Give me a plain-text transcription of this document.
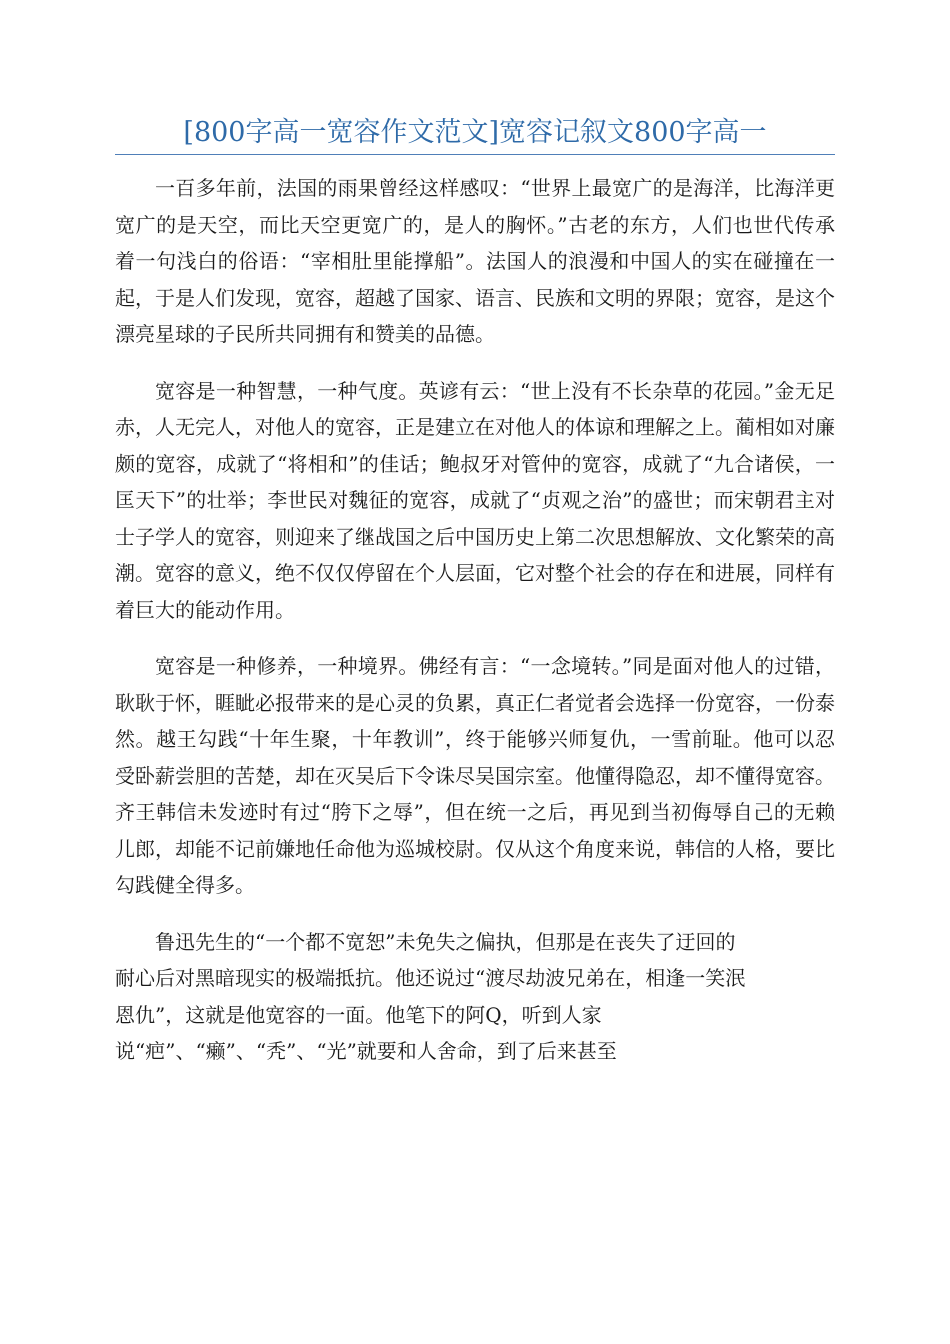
[800字高一宽容作文范文]宽容记叙文800字高一

一百多年前，法国的雨果曾经这样感叹：“世界上最宽广的是海洋，比海洋更宽广的是天空，而比天空更宽广的，是人的胸怀。”古老的东方，人们也世代传承着一句浅白的俗语：“宰相肚里能撑船”。法国人的浪漫和中国人的实在碰撞在一起，于是人们发现，宽容，超越了国家、语言、民族和文明的界限；宽容，是这个漂亮星球的子民所共同拥有和赞美的品德。

宽容是一种智慧，一种气度。英谚有云：“世上没有不长杂草的花园。”金无足赤，人无完人，对他人的宽容，正是建立在对他人的体谅和理解之上。蔺相如对廉颇的宽容，成就了“将相和”的佳话；鲍叔牙对管仲的宽容，成就了“九合诸侯，一匡天下”的壮举；李世民对魏征的宽容，成就了“贞观之治”的盛世；而宋朝君主对士子学人的宽容，则迎来了继战国之后中国历史上第二次思想解放、文化繁荣的高潮。宽容的意义，绝不仅仅停留在个人层面，它对整个社会的存在和进展，同样有着巨大的能动作用。

宽容是一种修养，一种境界。佛经有言：“一念境转。”同是面对他人的过错，耿耿于怀，睚眦必报带来的是心灵的负累，真正仁者觉者会选择一份宽容，一份泰然。越王勾践“十年生聚，十年教训”，终于能够兴师复仇，一雪前耻。他可以忍受卧薪尝胆的苦楚，却在灭吴后下令诛尽吴国宗室。他懂得隐忍，却不懂得宽容。齐王韩信未发迹时有过“胯下之辱”，但在统一之后，再见到当初侮辱自己的无赖儿郎，却能不记前嫌地任命他为巡城校尉。仅从这个角度来说，韩信的人格，要比勾践健全得多。

鲁迅先生的“一个都不宽恕”未免失之偏执，但那是在丧失了迂回的
耐心后对黑暗现实的极端抵抗。他还说过“渡尽劫波兄弟在，相逢一笑泯
恩仇”，这就是他宽容的一面。他笔下的阿Q，听到人家
说“疤”、“癞”、“秃”、“光”就要和人舍命，到了后来甚至
